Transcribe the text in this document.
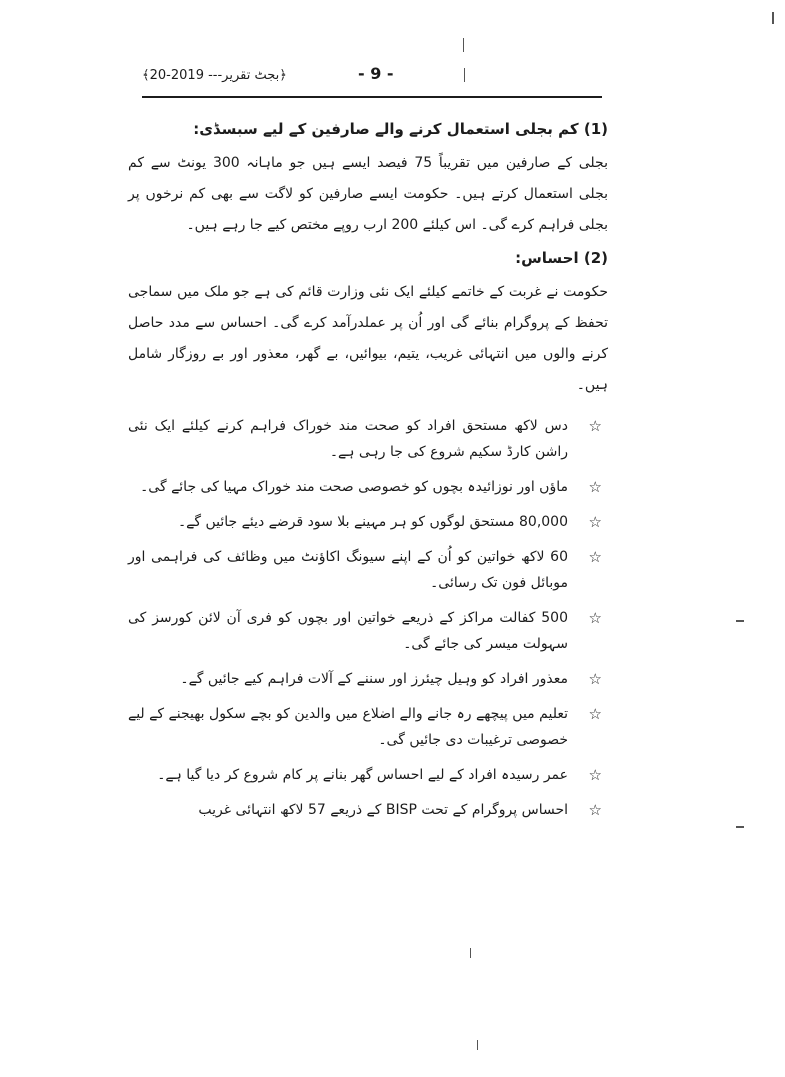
﴿بجٹ تقریر--- 2019-20﴾	- 9 -
(1) کم بجلی استعمال کرنے والے صارفین کے لیے سبسڈی:

بجلی کے صارفین میں تقریباً 75 فیصد ایسے ہیں جو ماہانہ 300 یونٹ سے کم بجلی استعمال کرتے ہیں۔ حکومت ایسے صارفین کو لاگت سے بھی کم نرخوں پر بجلی فراہم کرے گی۔ اس کیلئے 200 ارب روپے مختص کیے جا رہے ہیں۔

(2) احساس:

حکومت نے غربت کے خاتمے کیلئے ایک نئی وزارت قائم کی ہے جو ملک میں سماجی تحفظ کے پروگرام بنائے گی اور اُن پر عملدرآمد کرے گی۔ احساس سے مدد حاصل کرنے والوں میں انتہائی غریب، یتیم، بیوائیں، بے گھر، معذور اور بے روزگار شامل ہیں۔

☆
دس لاکھ مستحق افراد کو صحت مند خوراک فراہم کرنے کیلئے ایک نئی راشن کارڈ سکیم شروع کی جا رہی ہے۔
☆
ماؤں اور نوزائیدہ بچوں کو خصوصی صحت مند خوراک مہیا کی جائے گی۔
☆
80,000 مستحق لوگوں کو ہر مہینے بلا سود قرضے دیئے جائیں گے۔
☆
60 لاکھ خواتین کو اُن کے اپنے سیونگ اکاؤنٹ میں وظائف کی فراہمی اور موبائل فون تک رسائی۔
☆
500 کفالت مراکز کے ذریعے خواتین اور بچوں کو فری آن لائن کورسز کی سہولت میسر کی جائے گی۔
☆
معذور افراد کو وہیل چیئرز اور سننے کے آلات فراہم کیے جائیں گے۔
☆
تعلیم میں پیچھے رہ جانے والے اضلاع میں والدین کو بچے سکول بھیجنے کے لیے خصوصی ترغیبات دی جائیں گی۔
☆
عمر رسیدہ افراد کے لیے احساس گھر بنانے پر کام شروع کر دیا گیا ہے۔
☆
احساس پروگرام کے تحت BISP کے ذریعے 57 لاکھ انتہائی غریب
